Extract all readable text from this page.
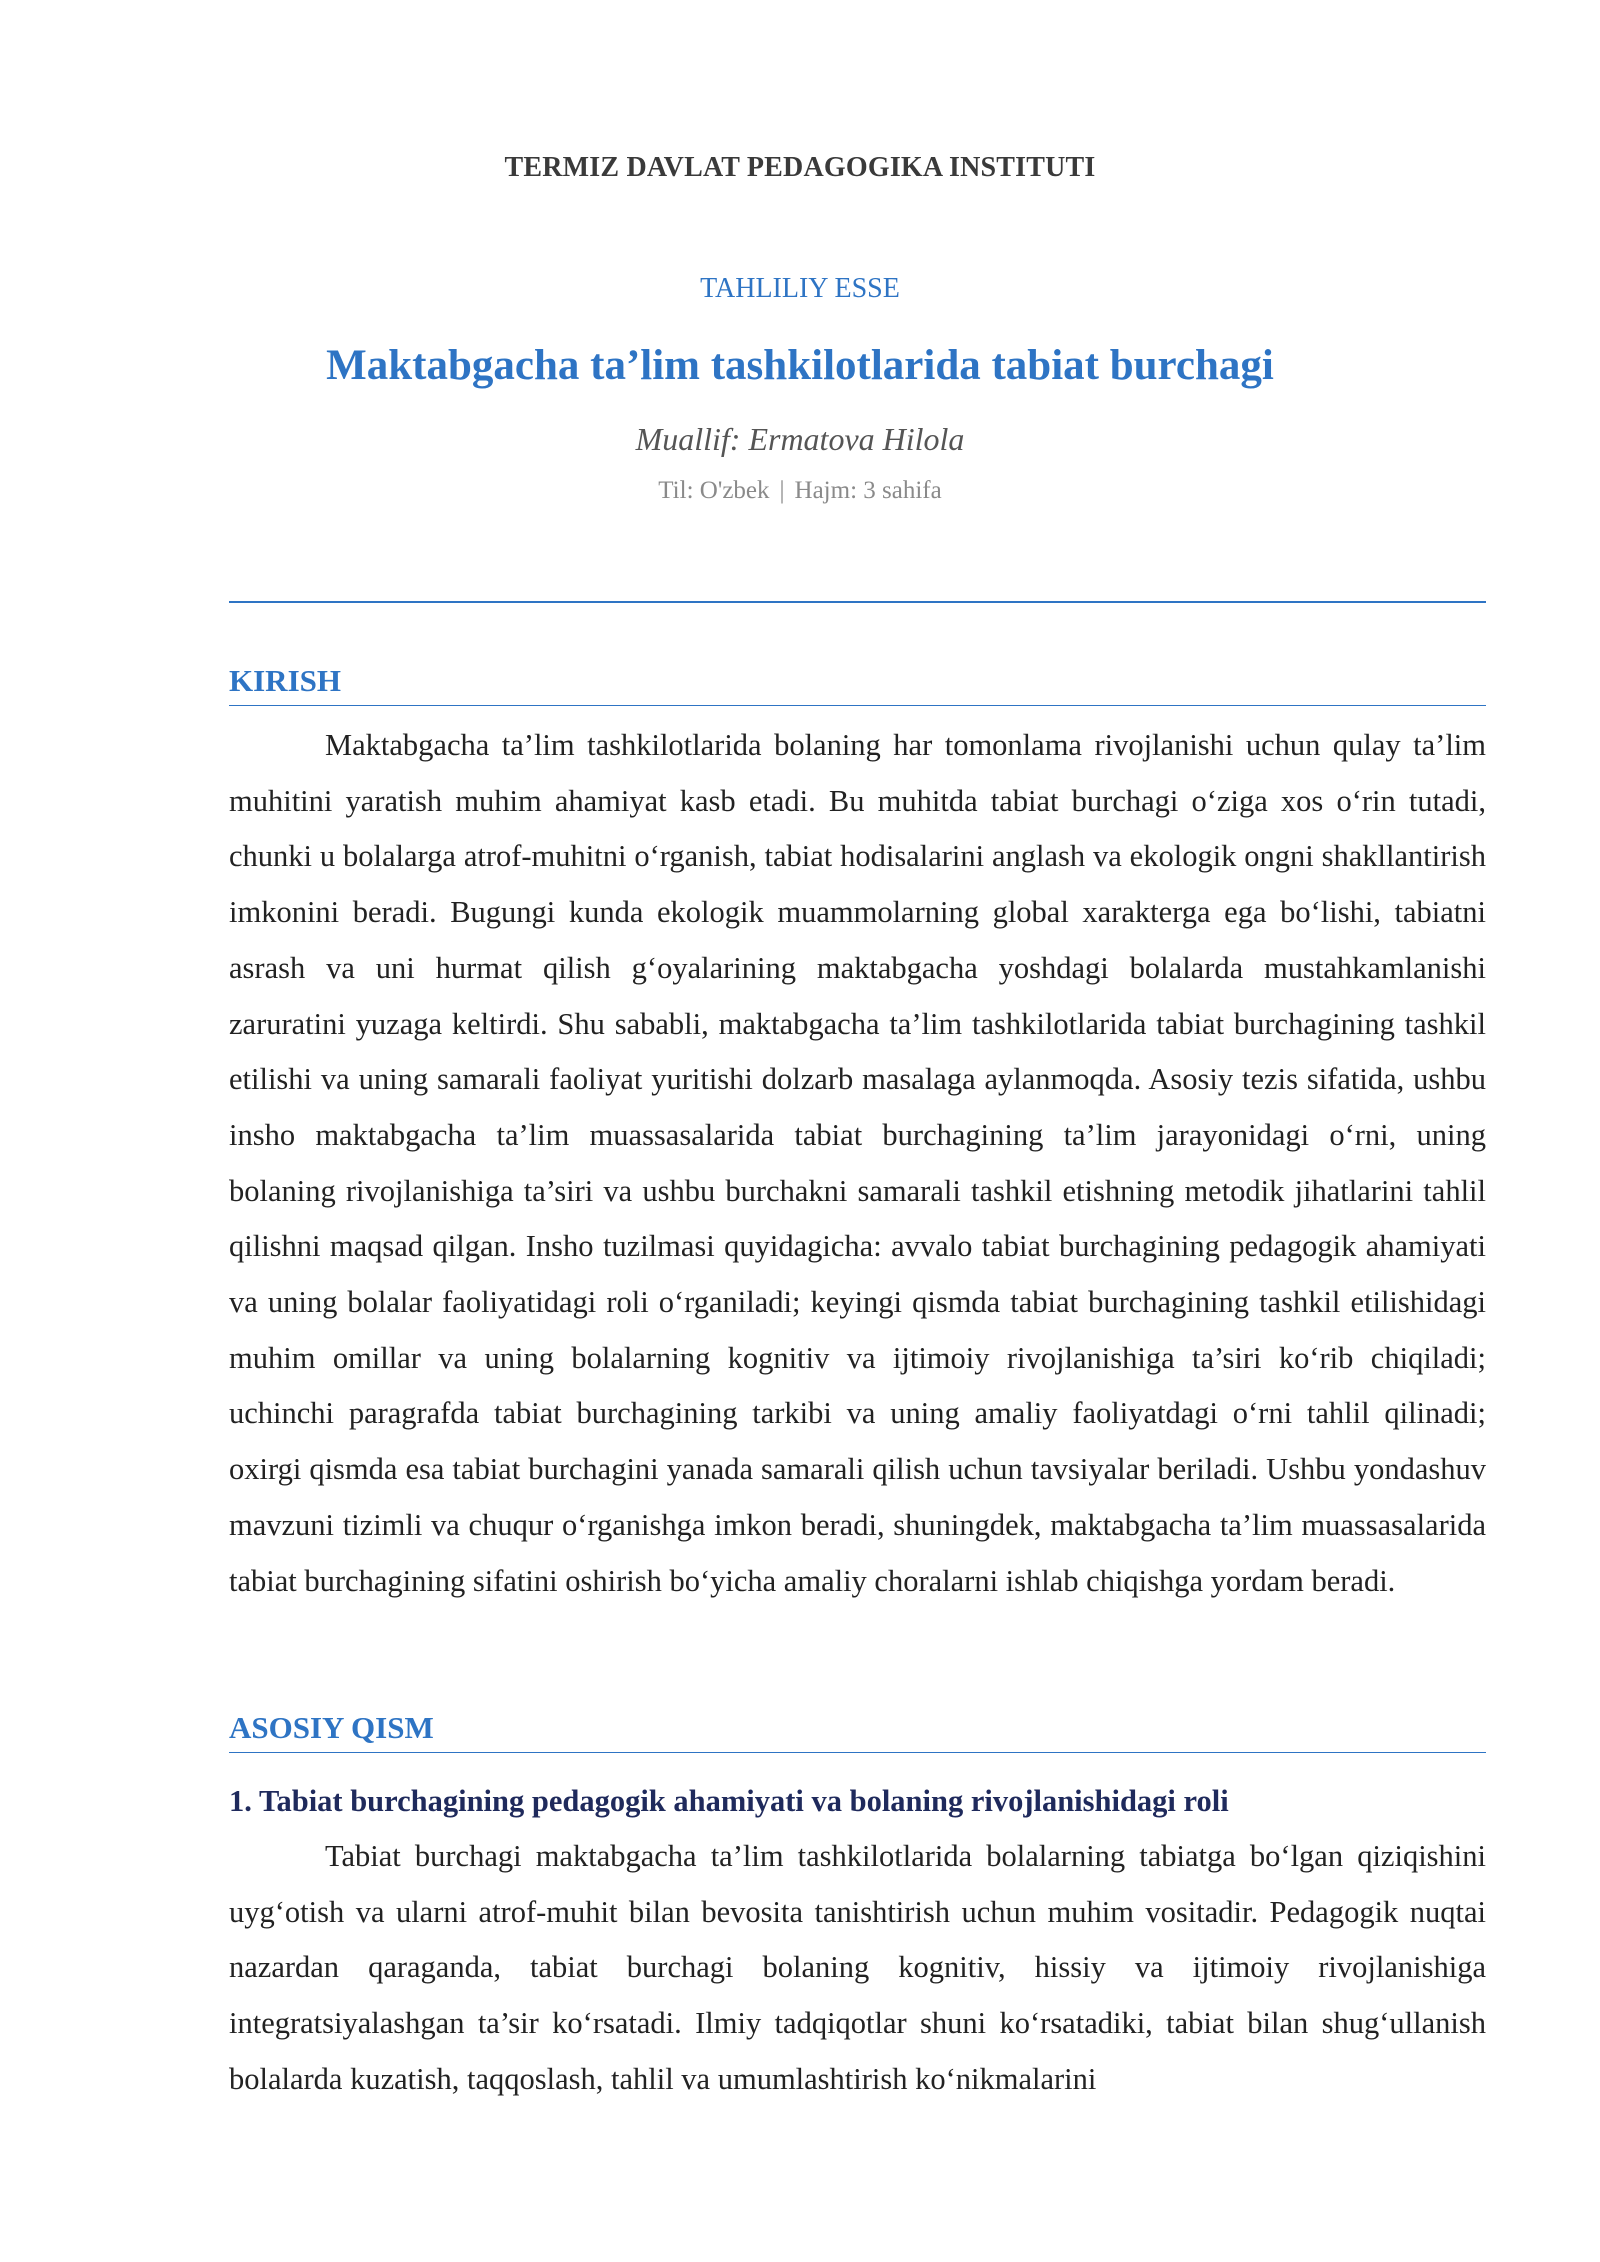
TERMIZ DAVLAT PEDAGOGIKA INSTITUTI
TAHLILIY ESSE
Maktabgacha ta’lim tashkilotlarida tabiat burchagi
Muallif: Ermatova Hilola
Til: O'zbek | Hajm: 3 sahifa
KIRISH

Maktabgacha ta’lim tashkilotlarida bolaning har tomonlama rivojlanishi uchun qulay ta’lim muhitini yaratish muhim ahamiyat kasb etadi. Bu muhitda tabiat burchagi o‘ziga xos o‘rin tutadi, chunki u bolalarga atrof-muhitni o‘rganish, tabiat hodisalarini anglash va ekologik ongni shakllantirish imkonini beradi. Bugungi kunda ekologik muammolarning global xarakterga ega bo‘lishi, tabiatni asrash va uni hurmat qilish g‘oyalarining maktabgacha yoshdagi bolalarda mustahkamlanishi zaruratini yuzaga keltirdi. Shu sababli, maktabgacha ta’lim tashkilotlarida tabiat burchagining tashkil etilishi va uning samarali faoliyat yuritishi dolzarb masalaga aylanmoqda. Asosiy tezis sifatida, ushbu insho maktabgacha ta’lim muassasalarida tabiat burchagining ta’lim jarayonidagi o‘rni, uning bolaning rivojlanishiga ta’siri va ushbu burchakni samarali tashkil etishning metodik jihatlarini tahlil qilishni maqsad qilgan. Insho tuzilmasi quyidagicha: avvalo tabiat burchagining pedagogik ahamiyati va uning bolalar faoliyatidagi roli o‘rganiladi; keyingi qismda tabiat burchagining tashkil etilishidagi muhim omillar va uning bolalarning kognitiv va ijtimoiy rivojlanishiga ta’siri ko‘rib chiqiladi; uchinchi paragrafda tabiat burchagining tarkibi va uning amaliy faoliyatdagi o‘rni tahlil qilinadi; oxirgi qismda esa tabiat burchagini yanada samarali qilish uchun tavsiyalar beriladi. Ushbu yondashuv mavzuni tizimli va chuqur o‘rganishga imkon beradi, shuningdek, maktabgacha ta’lim muassasalarida tabiat burchagining sifatini oshirish bo‘yicha amaliy choralarni ishlab chiqishga yordam beradi.

ASOSIY QISM
1. Tabiat burchagining pedagogik ahamiyati va bolaning rivojlanishidagi roli

Tabiat burchagi maktabgacha ta’lim tashkilotlarida bolalarning tabiatga bo‘lgan qiziqishini uyg‘otish va ularni atrof-muhit bilan bevosita tanishtirish uchun muhim vositadir. Pedagogik nuqtai nazardan qaraganda, tabiat burchagi bolaning kognitiv, hissiy va ijtimoiy rivojlanishiga integratsiyalashgan ta’sir ko‘rsatadi. Ilmiy tadqiqotlar shuni ko‘rsatadiki, tabiat bilan shug‘ullanish bolalarda kuzatish, taqqoslash, tahlil va umumlashtirish ko‘nikmalarini
